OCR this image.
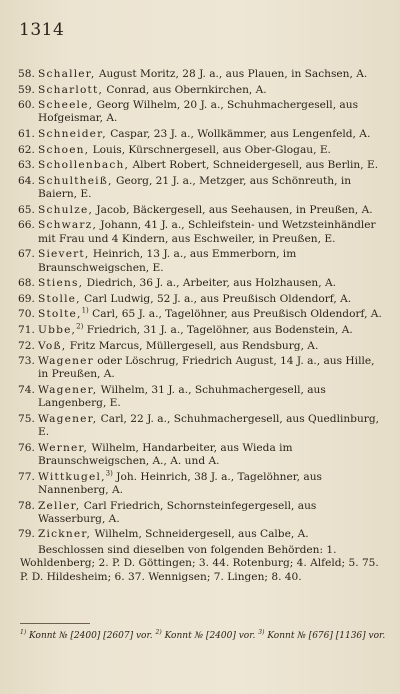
1314
58. Schaller, August Moritz, 28 J. a., aus Plauen, in Sachsen, A.
59. Scharlott, Conrad, aus Obernkirchen, A.
60. Scheele, Georg Wilhelm, 20 J. a., Schuhmachergesell, aus Hofgeismar, A.
61. Schneider, Caspar, 23 J. a., Wollkämmer, aus Lengenfeld, A.
62. Schoen, Louis, Kürschnergesell, aus Ober-Glogau, E.
63. Schollenbach, Albert Robert, Schneidergesell, aus Berlin, E.
64. Schultheiß, Georg, 21 J. a., Metzger, aus Schönreuth, in Baiern, E.
65. Schulze, Jacob, Bäckergesell, aus Seehausen, in Preußen, A.
66. Schwarz, Johann, 41 J. a., Schleifstein- und Wetzsteinhändler mit Frau und 4 Kindern, aus Eschweiler, in Preußen, E.
67. Sievert, Heinrich, 13 J. a., aus Emmerborn, im Braunschweigschen, E.
68. Stiens, Diedrich, 36 J. a., Arbeiter, aus Holzhausen, A.
69. Stolle, Carl Ludwig, 52 J. a., aus Preußisch Oldendorf, A.
70. Stolte,$^{1)}$ Carl, 65 J. a., Tagelöhner, aus Preußisch Oldendorf, A.
71. Ubbe,$^{2)}$ Friedrich, 31 J. a., Tagelöhner, aus Bodenstein, A.
72. Voß, Fritz Marcus, Müllergesell, aus Rendsburg, A.
73. Wagener oder Löschrug, Friedrich August, 14 J. a., aus Hille, in Preußen, A.
74. Wagener, Wilhelm, 31 J. a., Schuhmachergesell, aus Langenberg, E.
75. Wagener, Carl, 22 J. a., Schuhmachergesell, aus Quedlinburg, E.
76. Werner, Wilhelm, Handarbeiter, aus Wieda im Braunschweigschen, A., A. und A.
77. Wittkugel,$^{3)}$ Joh. Heinrich, 38 J. a., Tagelöhner, aus Nannenberg, A.
78. Zeller, Carl Friedrich, Schornsteinfegergesell, aus Wasserburg, A.
79. Zickner, Wilhelm, Schneidergesell, aus Calbe, A.
Beschlossen sind dieselben von folgenden Behörden: 1. Wohldenberg; 2. P. D. Göttingen; 3. 44. Rotenburg; 4. Alfeld; 5. 75. P. D. Hildesheim; 6. 37. Wennigsen; 7. Lingen; 8. 40.
$^{1)}$ Konnt № [2400] [2607] vor. $^{2)}$ Konnt № [2400] vor. $^{3)}$ Konnt № [676] [1136] vor.
